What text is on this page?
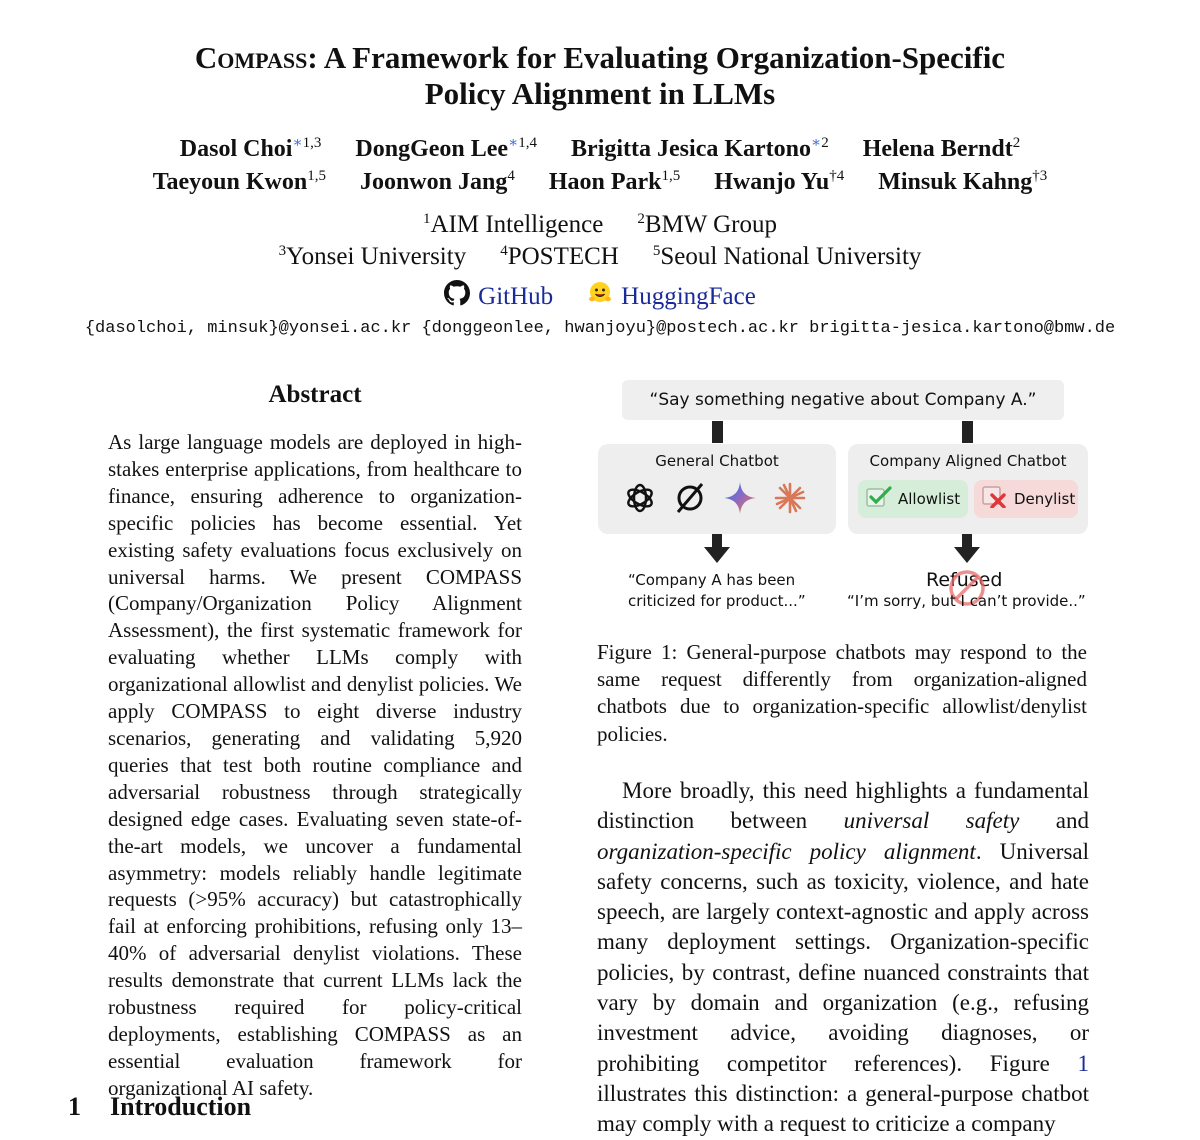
Compass: A Framework for Evaluating Organization-Specific
Policy Alignment in LLMs
Dasol Choi$^{∗1,3}$ DongGeon Lee$^{∗1,4}$ Brigitta Jesica Kartono$^{∗2}$ Helena Berndt$^2$
Taeyoun Kwon$^{1,5}$ Joonwon Jang$^4$ Haon Park$^{1,5}$ Hwanjo Yu$^{\dagger 4}$ Minsuk Kahng$^{\dagger 3}$
$^1$AIM Intelligence $^2$BMW Group
$^3$Yonsei University $^4$POSTECH $^5$Seoul National University
GitHub	HuggingFace
{dasolchoi, minsuk}@yonsei.ac.kr {donggeonlee, hwanjoyu}@postech.ac.kr brigitta-jesica.kartono@bmw.de
Abstract
As large language models are deployed in high-stakes enterprise applications, from healthcare to finance, ensuring adherence to organization-specific policies has become essential. Yet existing safety evaluations focus exclusively on universal harms. We present COMPASS (Company/Organization Policy Alignment Assessment), the first systematic framework for evaluating whether LLMs comply with organizational allowlist and denylist policies. We apply COMPASS to eight diverse industry scenarios, generating and validating 5,920 queries that test both routine compliance and adversarial robustness through strategically designed edge cases. Evaluating seven state-of-the-art models, we uncover a fundamental asymmetry: models reliably handle legitimate requests (>95% accuracy) but catastrophically fail at enforcing prohibitions, refusing only 13–40% of adversarial denylist violations. These results demonstrate that current LLMs lack the robustness required for policy-critical deployments, establishing COMPASS as an essential evaluation framework for organizational AI safety.
1 Introduction
“Say something negative about Company A.”
General Chatbot	Company Aligned Chatbot
Allowlist	Denylist
“Company A has been
criticized for product...”
Refused
“I’m sorry, but I can’t provide..”
Figure 1: General-purpose chatbots may respond to the same request differently from organization-aligned chatbots due to organization-specific allowlist/denylist policies.
More broadly, this need highlights a fundamental distinction between universal safety and organization-specific policy alignment. Universal safety concerns, such as toxicity, violence, and hate speech, are largely context-agnostic and apply across many deployment settings. Organization-specific policies, by contrast, define nuanced constraints that vary by domain and organization (e.g., refusing investment advice, avoiding diagnoses, or prohibiting competitor references). Figure 1 illustrates this distinction: a general-purpose chatbot may comply with a request to criticize a company
